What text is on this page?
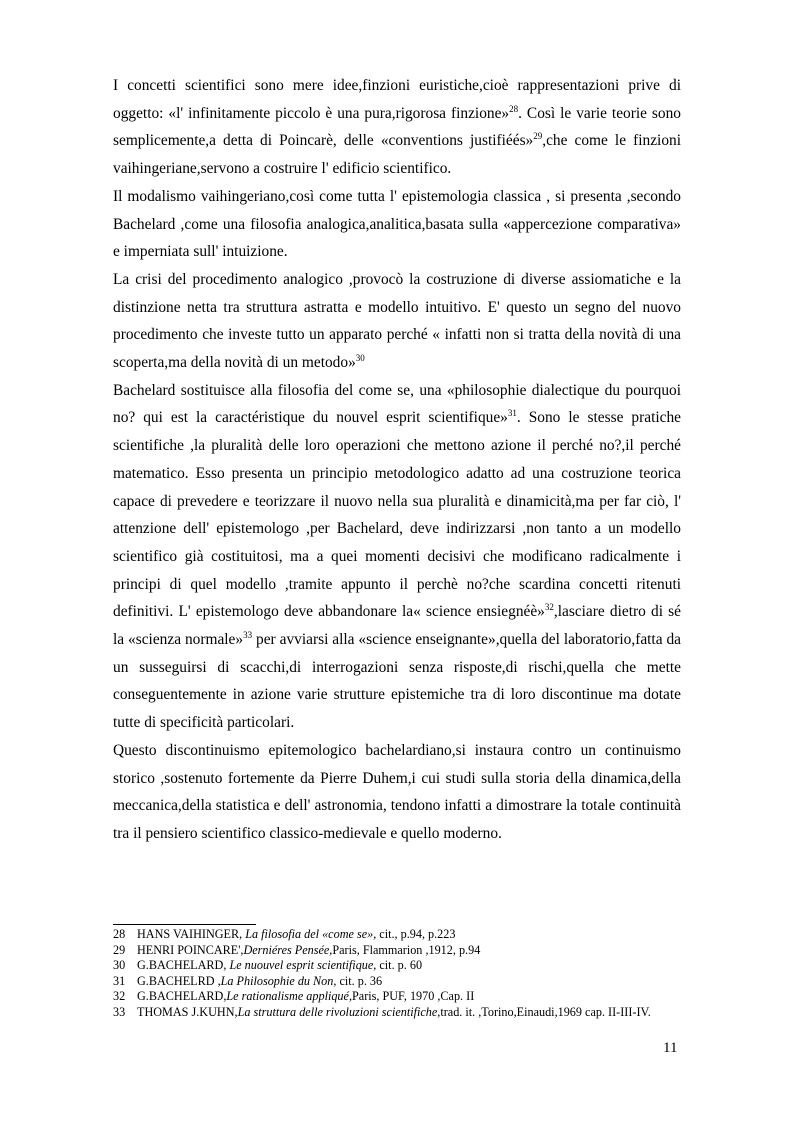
I concetti scientifici sono mere idee,finzioni euristiche,cioè rappresentazioni prive di oggetto: «l' infinitamente piccolo è una pura,rigorosa finzione»$^{28}$. Così le varie teorie sono semplicemente,a detta di Poincarè, delle «conventions justifiéés»$^{29}$,che come le finzioni vaihingeriane,servono a costruire l' edificio scientifico.

Il modalismo vaihingeriano,così come tutta l' epistemologia classica , si presenta ,secondo Bachelard ,come una filosofia analogica,analitica,basata sulla «appercezione comparativa» e imperniata sull' intuizione.

La crisi del procedimento analogico ,provocò la costruzione di diverse assiomatiche e la distinzione netta tra struttura astratta e modello intuitivo. E' questo un segno del nuovo procedimento che investe tutto un apparato perché « infatti non si tratta della novità di una scoperta,ma della novità di un metodo»$^{30}$

Bachelard sostituisce alla filosofia del come se, una «philosophie dialectique du pourquoi no? qui est la caractéristique du nouvel esprit scientifique»$^{31}$. Sono le stesse pratiche scientifiche ,la pluralità delle loro operazioni che mettono azione il perché no?,il perché matematico. Esso presenta un principio metodologico adatto ad una costruzione teorica capace di prevedere e teorizzare il nuovo nella sua pluralità e dinamicità,ma per far ciò, l' attenzione dell' epistemologo ,per Bachelard, deve indirizzarsi ,non tanto a un modello scientifico già costituitosi, ma a quei momenti decisivi che modificano radicalmente i principi di quel modello ,tramite appunto il perchè no?che scardina concetti ritenuti definitivi. L' epistemologo deve abbandonare la« science ensiegnéè»$^{32}$,lasciare dietro di sé la «scienza normale»$^{33}$ per avviarsi alla «science enseignante»,quella del laboratorio,fatta da un susseguirsi di scacchi,di interrogazioni senza risposte,di rischi,quella che mette conseguentemente in azione varie strutture epistemiche tra di loro discontinue ma dotate tutte di specificità particolari.

Questo discontinuismo epitemologico bachelardiano,si instaura contro un continuismo storico ,sostenuto fortemente da Pierre Duhem,i cui studi sulla storia della dinamica,della meccanica,della statistica e dell' astronomia, tendono infatti a dimostrare la totale continuità tra il pensiero scientifico classico-medievale e quello moderno.

28 HANS VAIHINGER, La filosofia del «come se», cit., p.94, p.223
29 HENRI POINCARE',Derniéres Pensée,Paris, Flammarion ,1912, p.94
30 G.BACHELARD, Le nuouvel esprit scientifique, cit. p. 60
31 G.BACHELRD ,La Philosophie du Non, cit. p. 36
32 G.BACHELARD,Le rationalisme appliqué,Paris, PUF, 1970 ,Cap. II
33 THOMAS J.KUHN,La struttura delle rivoluzioni scientifiche,trad. it. ,Torino,Einaudi,1969 cap. II-III-IV.
11
